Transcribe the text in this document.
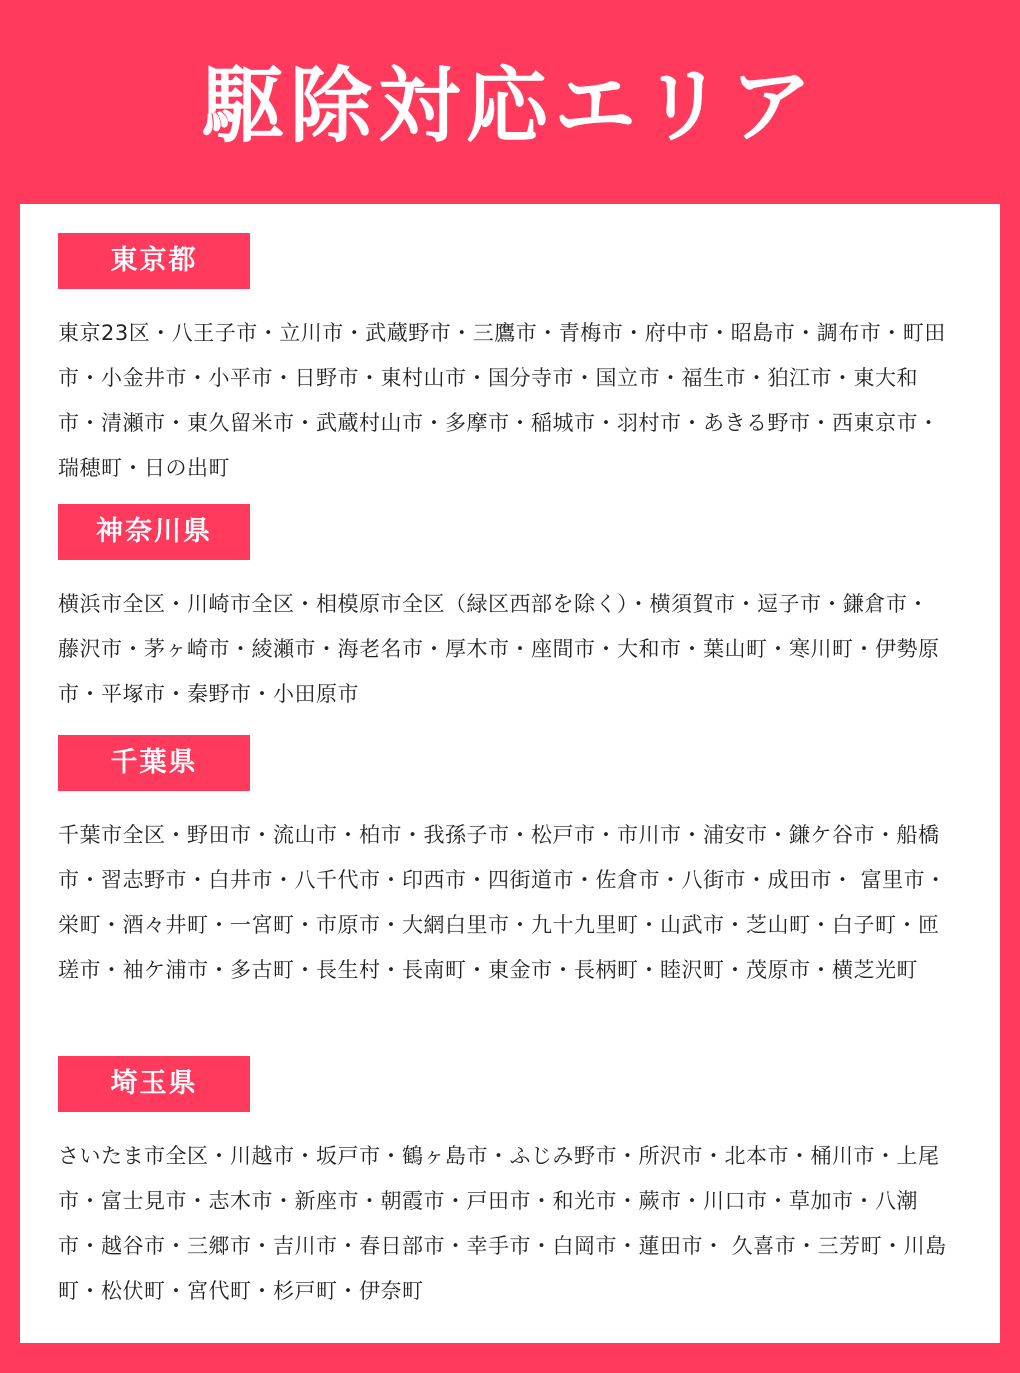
駆除対応エリア
東京都
東京23区・八王子市・立川市・武蔵野市・三鷹市・青梅市・府中市・昭島市・調布市・町田市・小金井市・小平市・日野市・東村山市・国分寺市・国立市・福生市・狛江市・東大和市・清瀬市・東久留米市・武蔵村山市・多摩市・稲城市・羽村市・あきる野市・西東京市・瑞穂町・日の出町
神奈川県
横浜市全区・川崎市全区・相模原市全区（緑区西部を除く）・横須賀市・逗子市・鎌倉市・藤沢市・茅ヶ崎市・綾瀬市・海老名市・厚木市・座間市・大和市・葉山町・寒川町・伊勢原市・平塚市・秦野市・小田原市
千葉県
千葉市全区・野田市・流山市・柏市・我孫子市・松戸市・市川市・浦安市・鎌ケ谷市・船橋市・習志野市・白井市・八千代市・印西市・四街道市・佐倉市・八街市・成田市・ 富里市・栄町・酒々井町・一宮町・市原市・大網白里市・九十九里町・山武市・芝山町・白子町・匝瑳市・袖ケ浦市・多古町・長生村・長南町・東金市・長柄町・睦沢町・茂原市・横芝光町
埼玉県
さいたま市全区・川越市・坂戸市・鶴ヶ島市・ふじみ野市・所沢市・北本市・桶川市・上尾市・富士見市・志木市・新座市・朝霞市・戸田市・和光市・蕨市・川口市・草加市・八潮市・越谷市・三郷市・吉川市・春日部市・幸手市・白岡市・蓮田市・ 久喜市・三芳町・川島町・松伏町・宮代町・杉戸町・伊奈町
